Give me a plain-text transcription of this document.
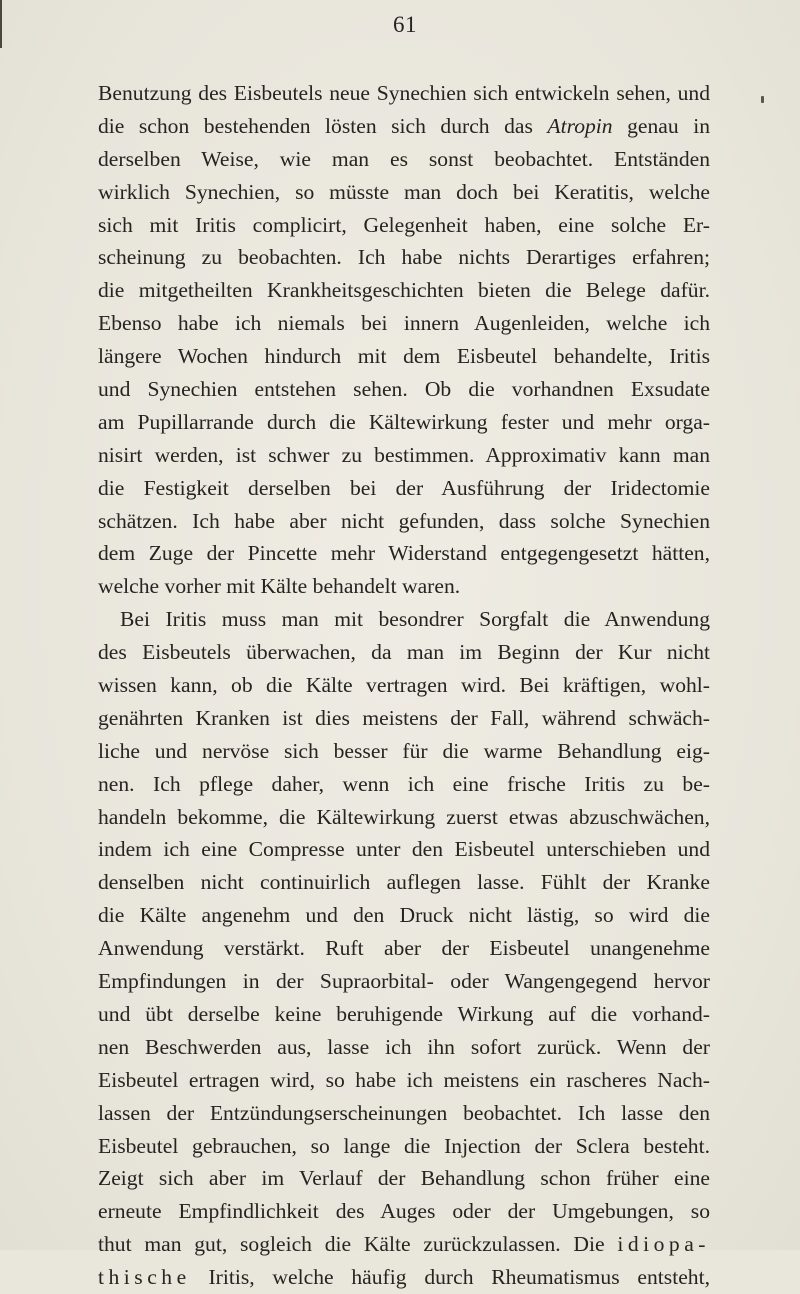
61
Benutzung des Eisbeutels neue Synechien sich entwickeln sehen, und
die schon bestehenden lösten sich durch das Atropin genau in
derselben Weise, wie man es sonst beobachtet. Entständen
wirklich Synechien, so müsste man doch bei Keratitis, welche
sich mit Iritis complicirt, Gelegenheit haben, eine solche Er-
scheinung zu beobachten. Ich habe nichts Derartiges erfahren;
die mitgetheilten Krankheitsgeschichten bieten die Belege dafür.
Ebenso habe ich niemals bei innern Augenleiden, welche ich
längere Wochen hindurch mit dem Eisbeutel behandelte, Iritis
und Synechien entstehen sehen. Ob die vorhandnen Exsudate
am Pupillarrande durch die Kältewirkung fester und mehr orga-
nisirt werden, ist schwer zu bestimmen. Approximativ kann man
die Festigkeit derselben bei der Ausführung der Iridectomie
schätzen. Ich habe aber nicht gefunden, dass solche Synechien
dem Zuge der Pincette mehr Widerstand entgegengesetzt hätten,
welche vorher mit Kälte behandelt waren.
Bei Iritis muss man mit besondrer Sorgfalt die Anwendung
des Eisbeutels überwachen, da man im Beginn der Kur nicht
wissen kann, ob die Kälte vertragen wird. Bei kräftigen, wohl-
genährten Kranken ist dies meistens der Fall, während schwäch-
liche und nervöse sich besser für die warme Behandlung eig-
nen. Ich pflege daher, wenn ich eine frische Iritis zu be-
handeln bekomme, die Kältewirkung zuerst etwas abzuschwächen,
indem ich eine Compresse unter den Eisbeutel unterschieben und
denselben nicht continuirlich auflegen lasse. Fühlt der Kranke
die Kälte angenehm und den Druck nicht lästig, so wird die
Anwendung verstärkt. Ruft aber der Eisbeutel unangenehme
Empfindungen in der Supraorbital- oder Wangengegend hervor
und übt derselbe keine beruhigende Wirkung auf die vorhand-
nen Beschwerden aus, lasse ich ihn sofort zurück. Wenn der
Eisbeutel ertragen wird, so habe ich meistens ein rascheres Nach-
lassen der Entzündungserscheinungen beobachtet. Ich lasse den
Eisbeutel gebrauchen, so lange die Injection der Sclera besteht.
Zeigt sich aber im Verlauf der Behandlung schon früher eine
erneute Empfindlichkeit des Auges oder der Umgebungen, so
thut man gut, sogleich die Kälte zurückzulassen. Die idiopa-
thische Iritis, welche häufig durch Rheumatismus entsteht,
